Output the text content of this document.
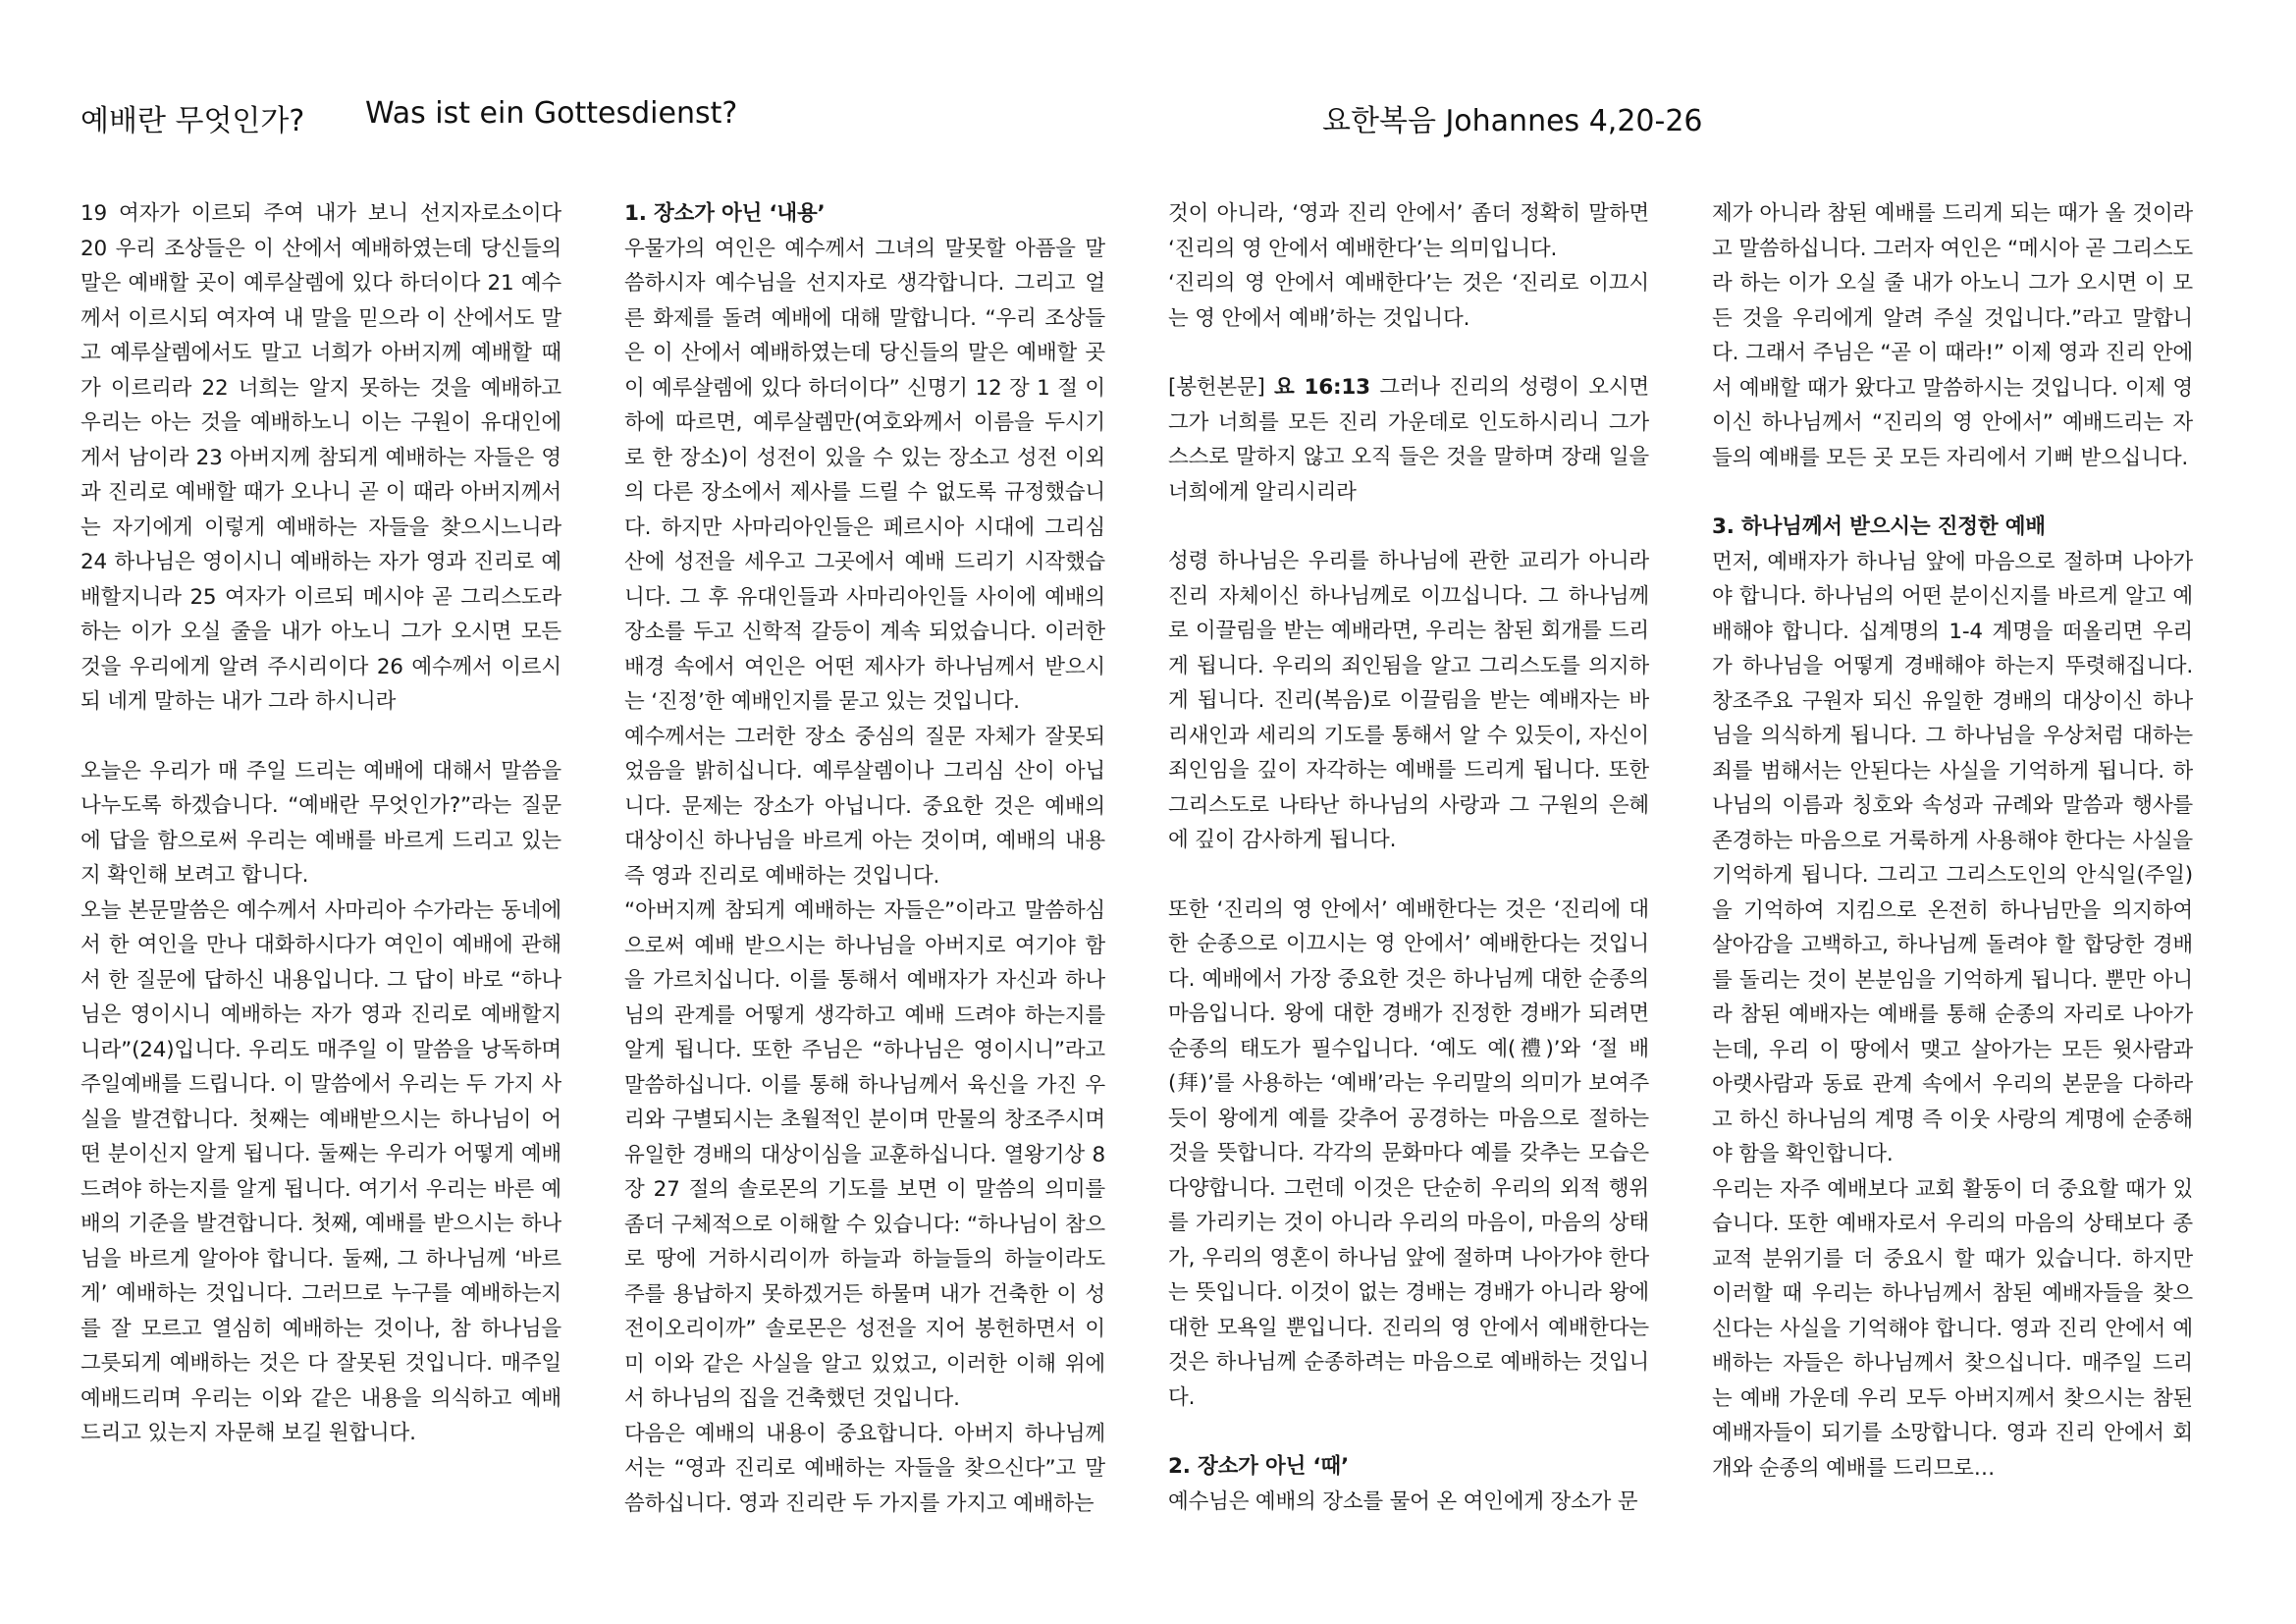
예배란 무엇인가? Was ist ein Gottesdienst?	요한복음 Johannes 4,20-26

19 여자가 이르되 주여 내가 보니 선지자로소이다 20 우리 조상들은 이 산에서 예배하였는데 당신들의 말은 예배할 곳이 예루살렘에 있다 하더이다 21 예수께서 이르시되 여자여 내 말을 믿으라 이 산에서도 말고 예루살렘에서도 말고 너희가 아버지께 예배할 때가 이르리라 22 너희는 알지 못하는 것을 예배하고 우리는 아는 것을 예배하노니 이는 구원이 유대인에게서 남이라 23 아버지께 참되게 예배하는 자들은 영과 진리로 예배할 때가 오나니 곧 이 때라 아버지께서는 자기에게 이렇게 예배하는 자들을 찾으시느니라 24 하나님은 영이시니 예배하는 자가 영과 진리로 예배할지니라 25 여자가 이르되 메시야 곧 그리스도라 하는 이가 오실 줄을 내가 아노니 그가 오시면 모든 것을 우리에게 알려 주시리이다 26 예수께서 이르시되 네게 말하는 내가 그라 하시니라

오늘은 우리가 매 주일 드리는 예배에 대해서 말씀을 나누도록 하겠습니다. “예배란 무엇인가?”라는 질문에 답을 함으로써 우리는 예배를 바르게 드리고 있는지 확인해 보려고 합니다.

오늘 본문말씀은 예수께서 사마리아 수가라는 동네에서 한 여인을 만나 대화하시다가 여인이 예배에 관해서 한 질문에 답하신 내용입니다. 그 답이 바로 “하나님은 영이시니 예배하는 자가 영과 진리로 예배할지니라”(24)입니다. 우리도 매주일 이 말씀을 낭독하며 주일예배를 드립니다. 이 말씀에서 우리는 두 가지 사실을 발견합니다. 첫째는 예배받으시는 하나님이 어떤 분이신지 알게 됩니다. 둘째는 우리가 어떻게 예배드려야 하는지를 알게 됩니다. 여기서 우리는 바른 예배의 기준을 발견합니다. 첫째, 예배를 받으시는 하나님을 바르게 알아야 합니다. 둘째, 그 하나님께 ‘바르게’ 예배하는 것입니다. 그러므로 누구를 예배하는지를 잘 모르고 열심히 예배하는 것이나, 참 하나님을 그릇되게 예배하는 것은 다 잘못된 것입니다. 매주일 예배드리며 우리는 이와 같은 내용을 의식하고 예배드리고 있는지 자문해 보길 원합니다.

1. 장소가 아닌 ‘내용’

우물가의 여인은 예수께서 그녀의 말못할 아픔을 말씀하시자 예수님을 선지자로 생각합니다. 그리고 얼른 화제를 돌려 예배에 대해 말합니다. “우리 조상들은 이 산에서 예배하였는데 당신들의 말은 예배할 곳이 예루살렘에 있다 하더이다” 신명기 12 장 1 절 이하에 따르면, 예루살렘만(여호와께서 이름을 두시기로 한 장소)이 성전이 있을 수 있는 장소고 성전 이외의 다른 장소에서 제사를 드릴 수 없도록 규정했습니다. 하지만 사마리아인들은 페르시아 시대에 그리심 산에 성전을 세우고 그곳에서 예배 드리기 시작했습니다. 그 후 유대인들과 사마리아인들 사이에 예배의 장소를 두고 신학적 갈등이 계속 되었습니다. 이러한 배경 속에서 여인은 어떤 제사가 하나님께서 받으시는 ‘진정’한 예배인지를 묻고 있는 것입니다.

예수께서는 그러한 장소 중심의 질문 자체가 잘못되었음을 밝히십니다. 예루살렘이나 그리심 산이 아닙니다. 문제는 장소가 아닙니다. 중요한 것은 예배의 대상이신 하나님을 바르게 아는 것이며, 예배의 내용 즉 영과 진리로 예배하는 것입니다.

“아버지께 참되게 예배하는 자들은”이라고 말씀하심으로써 예배 받으시는 하나님을 아버지로 여기야 함을 가르치십니다. 이를 통해서 예배자가 자신과 하나님의 관계를 어떻게 생각하고 예배 드려야 하는지를 알게 됩니다. 또한 주님은 “하나님은 영이시니”라고 말씀하십니다. 이를 통해 하나님께서 육신을 가진 우리와 구별되시는 초월적인 분이며 만물의 창조주시며 유일한 경배의 대상이심을 교훈하십니다. 열왕기상 8 장 27 절의 솔로몬의 기도를 보면 이 말씀의 의미를 좀더 구체적으로 이해할 수 있습니다: “하나님이 참으로 땅에 거하시리이까 하늘과 하늘들의 하늘이라도 주를 용납하지 못하겠거든 하물며 내가 건축한 이 성전이오리이까” 솔로몬은 성전을 지어 봉헌하면서 이미 이와 같은 사실을 알고 있었고, 이러한 이해 위에서 하나님의 집을 건축했던 것입니다.

다음은 예배의 내용이 중요합니다. 아버지 하나님께서는 “영과 진리로 예배하는 자들을 찾으신다”고 말씀하십니다. 영과 진리란 두 가지를 가지고 예배하는

것이 아니라, ‘영과 진리 안에서’ 좀더 정확히 말하면 ‘진리의 영 안에서 예배한다’는 의미입니다.

‘진리의 영 안에서 예배한다’는 것은 ‘진리로 이끄시는 영 안에서 예배’하는 것입니다.

[봉헌본문] 요 16:13 그러나 진리의 성령이 오시면 그가 너희를 모든 진리 가운데로 인도하시리니 그가 스스로 말하지 않고 오직 들은 것을 말하며 장래 일을 너희에게 알리시리라

성령 하나님은 우리를 하나님에 관한 교리가 아니라 진리 자체이신 하나님께로 이끄십니다. 그 하나님께로 이끌림을 받는 예배라면, 우리는 참된 회개를 드리게 됩니다. 우리의 죄인됨을 알고 그리스도를 의지하게 됩니다. 진리(복음)로 이끌림을 받는 예배자는 바리새인과 세리의 기도를 통해서 알 수 있듯이, 자신이 죄인임을 깊이 자각하는 예배를 드리게 됩니다. 또한 그리스도로 나타난 하나님의 사랑과 그 구원의 은혜에 깊이 감사하게 됩니다.

또한 ‘진리의 영 안에서’ 예배한다는 것은 ‘진리에 대한 순종으로 이끄시는 영 안에서’ 예배한다는 것입니다. 예배에서 가장 중요한 것은 하나님께 대한 순종의 마음입니다. 왕에 대한 경배가 진정한 경배가 되려면 순종의 태도가 필수입니다. ‘예도 예(禮)’와 ‘절 배(拜)’를 사용하는 ‘예배’라는 우리말의 의미가 보여주듯이 왕에게 예를 갖추어 공경하는 마음으로 절하는 것을 뜻합니다. 각각의 문화마다 예를 갖추는 모습은 다양합니다. 그런데 이것은 단순히 우리의 외적 행위를 가리키는 것이 아니라 우리의 마음이, 마음의 상태가, 우리의 영혼이 하나님 앞에 절하며 나아가야 한다는 뜻입니다. 이것이 없는 경배는 경배가 아니라 왕에 대한 모욕일 뿐입니다. 진리의 영 안에서 예배한다는 것은 하나님께 순종하려는 마음으로 예배하는 것입니다.

2. 장소가 아닌 ‘때’

예수님은 예배의 장소를 물어 온 여인에게 장소가 문

제가 아니라 참된 예배를 드리게 되는 때가 올 것이라고 말씀하십니다. 그러자 여인은 “메시아 곧 그리스도라 하는 이가 오실 줄 내가 아노니 그가 오시면 이 모든 것을 우리에게 알려 주실 것입니다.”라고 말합니다. 그래서 주님은 “곧 이 때라!” 이제 영과 진리 안에서 예배할 때가 왔다고 말씀하시는 것입니다. 이제 영이신 하나님께서 “진리의 영 안에서” 예배드리는 자들의 예배를 모든 곳 모든 자리에서 기뻐 받으십니다.

3. 하나님께서 받으시는 진정한 예배

먼저, 예배자가 하나님 앞에 마음으로 절하며 나아가야 합니다. 하나님의 어떤 분이신지를 바르게 알고 예배해야 합니다. 십계명의 1-4 계명을 떠올리면 우리가 하나님을 어떻게 경배해야 하는지 뚜렷해집니다. 창조주요 구원자 되신 유일한 경배의 대상이신 하나님을 의식하게 됩니다. 그 하나님을 우상처럼 대하는 죄를 범해서는 안된다는 사실을 기억하게 됩니다. 하나님의 이름과 칭호와 속성과 규례와 말씀과 행사를 존경하는 마음으로 거룩하게 사용해야 한다는 사실을 기억하게 됩니다. 그리고 그리스도인의 안식일(주일)을 기억하여 지킴으로 온전히 하나님만을 의지하여 살아감을 고백하고, 하나님께 돌려야 할 합당한 경배를 돌리는 것이 본분임을 기억하게 됩니다. 뿐만 아니라 참된 예배자는 예배를 통해 순종의 자리로 나아가는데, 우리 이 땅에서 맺고 살아가는 모든 윗사람과 아랫사람과 동료 관계 속에서 우리의 본문을 다하라고 하신 하나님의 계명 즉 이웃 사랑의 계명에 순종해야 함을 확인합니다.

우리는 자주 예배보다 교회 활동이 더 중요할 때가 있습니다. 또한 예배자로서 우리의 마음의 상태보다 종교적 분위기를 더 중요시 할 때가 있습니다. 하지만 이러할 때 우리는 하나님께서 참된 예배자들을 찾으신다는 사실을 기억해야 합니다. 영과 진리 안에서 예배하는 자들은 하나님께서 찾으십니다. 매주일 드리는 예배 가운데 우리 모두 아버지께서 찾으시는 참된 예배자들이 되기를 소망합니다. 영과 진리 안에서 회개와 순종의 예배를 드리므로…
